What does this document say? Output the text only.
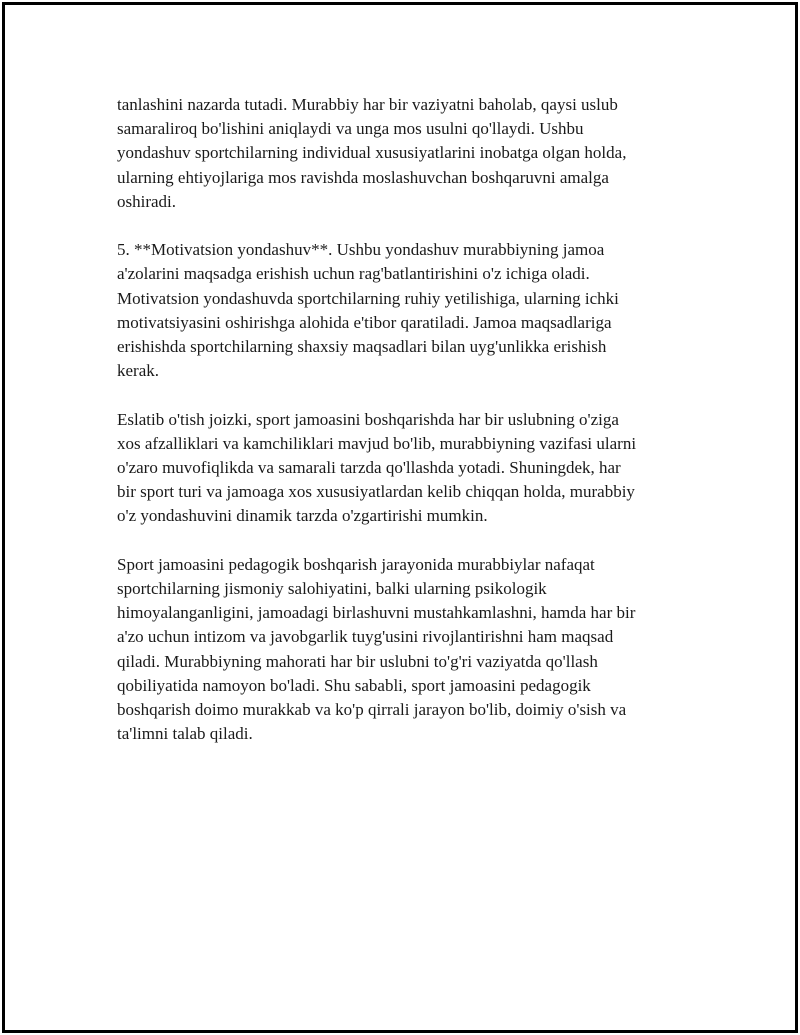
tanlashini nazarda tutadi. Murabbiy har bir vaziyatni baholab, qaysi uslub
samaraliroq bo'lishini aniqlaydi va unga mos usulni qo'llaydi. Ushbu
yondashuv sportchilarning individual xususiyatlarini inobatga olgan holda,
ularning ehtiyojlariga mos ravishda moslashuvchan boshqaruvni amalga
oshiradi.

5. **Motivatsion yondashuv**. Ushbu yondashuv murabbiyning jamoa
a'zolarini maqsadga erishish uchun rag'batlantirishini o'z ichiga oladi.
Motivatsion yondashuvda sportchilarning ruhiy yetilishiga, ularning ichki
motivatsiyasini oshirishga alohida e'tibor qaratiladi. Jamoa maqsadlariga
erishishda sportchilarning shaxsiy maqsadlari bilan uyg'unlikka erishish
kerak.

Eslatib o'tish joizki, sport jamoasini boshqarishda har bir uslubning o'ziga
xos afzalliklari va kamchiliklari mavjud bo'lib, murabbiyning vazifasi ularni
o'zaro muvofiqlikda va samarali tarzda qo'llashda yotadi. Shuningdek, har
bir sport turi va jamoaga xos xususiyatlardan kelib chiqqan holda, murabbiy
o'z yondashuvini dinamik tarzda o'zgartirishi mumkin.

Sport jamoasini pedagogik boshqarish jarayonida murabbiylar nafaqat
sportchilarning jismoniy salohiyatini, balki ularning psikologik
himoyalanganligini, jamoadagi birlashuvni mustahkamlashni, hamda har bir
a'zo uchun intizom va javobgarlik tuyg'usini rivojlantirishni ham maqsad
qiladi. Murabbiyning mahorati har bir uslubni to'g'ri vaziyatda qo'llash
qobiliyatida namoyon bo'ladi. Shu sababli, sport jamoasini pedagogik
boshqarish doimo murakkab va ko'p qirrali jarayon bo'lib, doimiy o'sish va
ta'limni talab qiladi.
